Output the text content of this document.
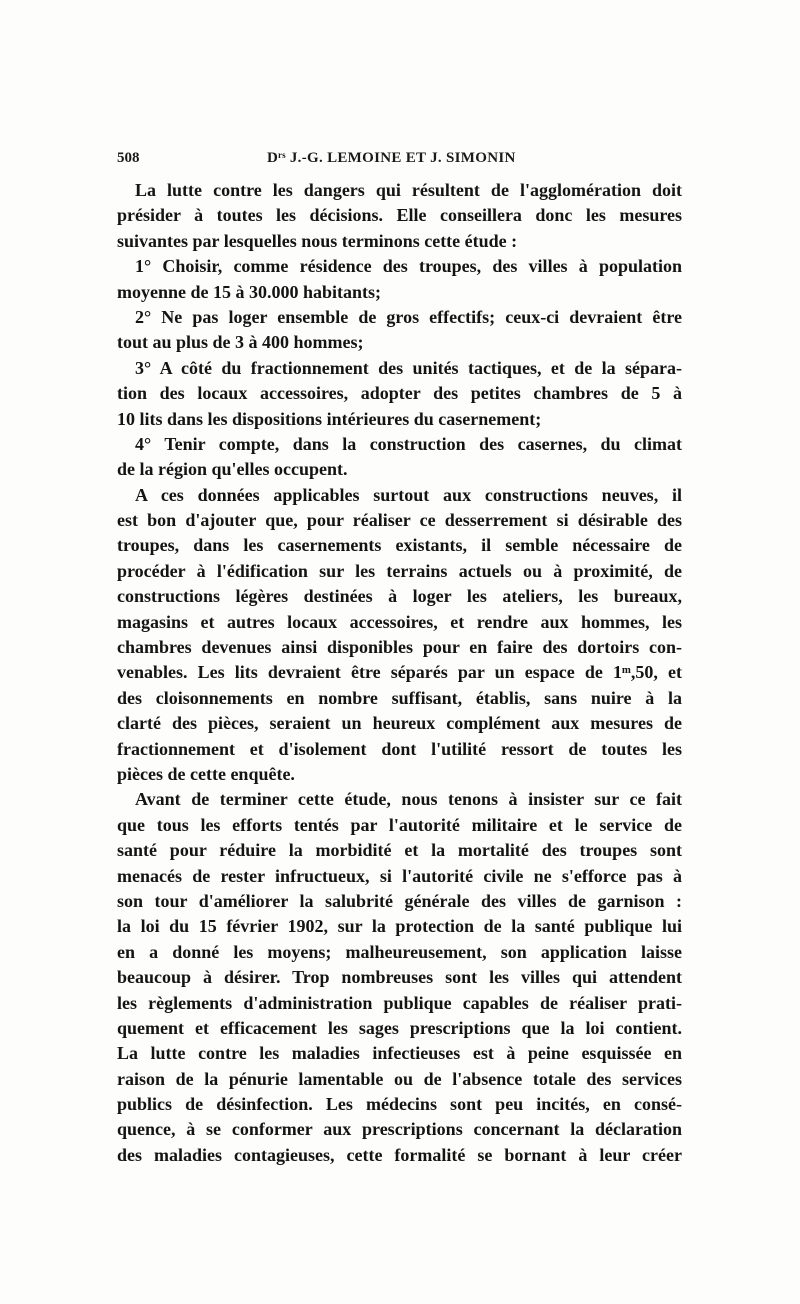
508	Dʳˢ J.-G. LEMOINE ET J. SIMONIN
La lutte contre les dangers qui résultent de l'agglomération doit
présider à toutes les décisions. Elle conseillera donc les mesures
suivantes par lesquelles nous terminons cette étude :
1° Choisir, comme résidence des troupes, des villes à population
moyenne de 15 à 30.000 habitants;
2° Ne pas loger ensemble de gros effectifs; ceux-ci devraient être
tout au plus de 3 à 400 hommes;
3° A côté du fractionnement des unités tactiques, et de la sépara-
tion des locaux accessoires, adopter des petites chambres de 5 à
10 lits dans les dispositions intérieures du casernement;
4° Tenir compte, dans la construction des casernes, du climat
de la région qu'elles occupent.
A ces données applicables surtout aux constructions neuves, il
est bon d'ajouter que, pour réaliser ce desserrement si désirable des
troupes, dans les casernements existants, il semble nécessaire de
procéder à l'édification sur les terrains actuels ou à proximité, de
constructions légères destinées à loger les ateliers, les bureaux,
magasins et autres locaux accessoires, et rendre aux hommes, les
chambres devenues ainsi disponibles pour en faire des dortoirs con-
venables. Les lits devraient être séparés par un espace de 1ᵐ,50, et
des cloisonnements en nombre suffisant, établis, sans nuire à la
clarté des pièces, seraient un heureux complément aux mesures de
fractionnement et d'isolement dont l'utilité ressort de toutes les
pièces de cette enquête.
Avant de terminer cette étude, nous tenons à insister sur ce fait
que tous les efforts tentés par l'autorité militaire et le service de
santé pour réduire la morbidité et la mortalité des troupes sont
menacés de rester infructueux, si l'autorité civile ne s'efforce pas à
son tour d'améliorer la salubrité générale des villes de garnison :
la loi du 15 février 1902, sur la protection de la santé publique lui
en a donné les moyens; malheureusement, son application laisse
beaucoup à désirer. Trop nombreuses sont les villes qui attendent
les règlements d'administration publique capables de réaliser prati-
quement et efficacement les sages prescriptions que la loi contient.
La lutte contre les maladies infectieuses est à peine esquissée en
raison de la pénurie lamentable ou de l'absence totale des services
publics de désinfection. Les médecins sont peu incités, en consé-
quence, à se conformer aux prescriptions concernant la déclaration
des maladies contagieuses, cette formalité se bornant à leur créer
